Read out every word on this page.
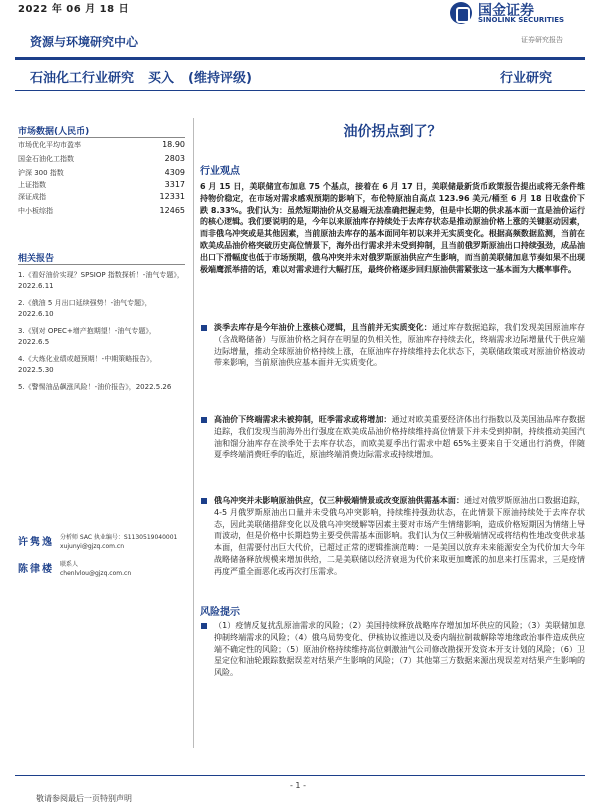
2022 年 06 月 18 日	国金证券
SINOLINK SECURITIES
证券研究报告
资源与环境研究中心
石油化工行业研究 买入 (维持评级)	行业研究
市场数据(人民币)
市场优化平均市盈率	18.90
国金石油化工指数	2803
沪深 300 指数	4309
上证指数	3317
深证成指	12331
中小板综指	12465
相关报告
1.《看好油价实现？SPSIOP 指数探析！-油气专题》，2022.6.11
2.《俄油 5 月出口延续强势！-油气专题》，2022.6.10
3.《别对 OPEC+增产抱期望！-油气专题》，2022.6.5
4.《大炼化业绩或超预期！-中期策略报告》，2022.5.30
5.《警惕油品飙涨风险！-油价报告》，2022.5.26
许隽逸 分析师 SAC 执业编号：S1130519040001
xujunyi@gjzq.com.cn
陈律楼 联系人
chenlvlou@gjzq.com.cn
油价拐点到了？
行业观点
6 月 15 日，美联储宣布加息 75 个基点，接着在 6 月 17 日，美联储最新货币政策报告提出或将无条件维持物价稳定，在市场对需求感观预期的影响下，布伦特原油自高点 123.96 美元/桶至 6 月 18 日收盘价下跌 8.33%。我们认为：虽然短期油价从交易端无法准确把握走势，但是中长期的供求基本面一直是油价运行的核心逻辑。我们要说明的是，今年以来原油库存持续处于去库存状态是推动原油价格上涨的关键驱动因素，而非俄乌冲突或是其他因素，当前原油去库存的基本面同年初以来并无实质变化。根据高频数据监测，当前在欧美成品油价格突破历史高位情景下，海外出行需求并未受到抑制，且当前俄罗斯原油出口持续强劲，成品油出口下滑幅度也低于市场预期，俄乌冲突并未对俄罗斯原油供应产生影响，而当前美联储加息节奏如果不出现极端鹰派举措的话，难以对需求进行大幅打压，最终价格逐步回归原油供需紧张这一基本面为大概率事件。
淡季去库存是今年油价上涨核心逻辑，且当前并无实质变化：通过库存数据追踪，我们发现美国原油库存（含战略储备）与原油价格之间存在明显的负相关性，原油库存持续去化，终端需求边际增量代于供应端边际增量，推动全球原油价格持续上涨，在原油库存持续维持去化状态下，美联储政策或对原油价格波动带来影响，当前原油供应基本面并无实质变化。
高油价下终端需求未被抑制，旺季需求或将增加：通过对欧美重要经济体出行指数以及美国油品库存数据追踪，我们发现当前海外出行强度在欧美成品油价格持续维持高位情景下并未受到抑制，持续推动美国汽油和馏分油库存在淡季处于去库存状态，而欧美夏季出行需求中超 65%主要来自于交通出行消费，伴随夏季终端消费旺季的临近，原油终端消费边际需求或持续增加。
俄乌冲突并未影响原油供应，仅三种极端情景或改变原油供需基本面：通过对俄罗斯原油出口数据追踪，4-5 月俄罗斯原油出口量并未受俄乌冲突影响，持续维持强劲状态，在此情景下原油持续处于去库存状态，因此美联储措辞变化以及俄乌冲突缓解等因素主要对市场产生情绪影响，造成价格短期因为情绪上导而波动，但是价格中长期趋势主要受供需基本面影响。我们认为仅三种极端情况或将结构性地改变供求基本面，但需要付出巨大代价，已超过正常的逻辑推演范畴：一是美国以放弃未来能源安全为代价加大今年战略储备释放规模来增加供给，二是美联储以经济衰退为代价来取更加鹰派的加息来打压需求，三是疫情再度严重全面恶化或再次打压需求。
风险提示
（1）疫情反复扰乱原油需求的风险；（2）美国持续释放战略库存增加加坏供应的风险；（3）美联储加息抑制终端需求的风险；（4）俄乌局势变化、伊核协议推进以及委内瑞拉制裁解除等地缘政治事件造成供应端不确定性的风险；（5）原油价格持续维持高位刺激油气公司修改勘探开发资本开支计划的风险；（6）卫星定位和油轮跟踪数据误差对结果产生影响的风险；（7）其他第三方数据来源出现误差对结果产生影响的风险。
- 1 -
敬请参阅最后一页特别声明
